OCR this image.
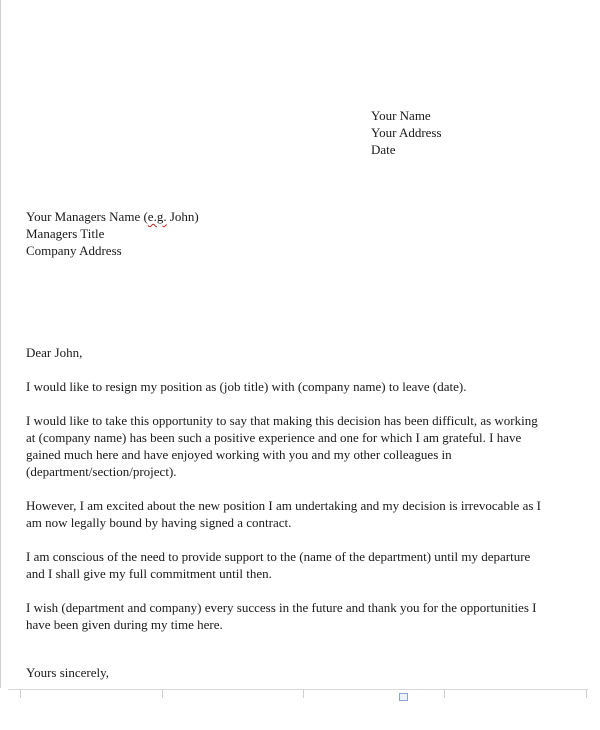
Your Name
Your Address
Date
Your Managers Name (e.g. John)
Managers Title
Company Address

Dear John,

I would like to resign my position as (job title) with (company name) to leave (date).

I would like to take this opportunity to say that making this decision has been difficult, as working at (company name) has been such a positive experience and one for which I am grateful. I have gained much here and have enjoyed working with you and my other colleagues in (department/section/project).

However, I am excited about the new position I am undertaking and my decision is irrevocable as I am now legally bound by having signed a contract.

I am conscious of the need to provide support to the (name of the department) until my departure and I shall give my full commitment until then.

I wish (department and company) every success in the future and thank you for the opportunities I have been given during my time here.

Yours sincerely,
